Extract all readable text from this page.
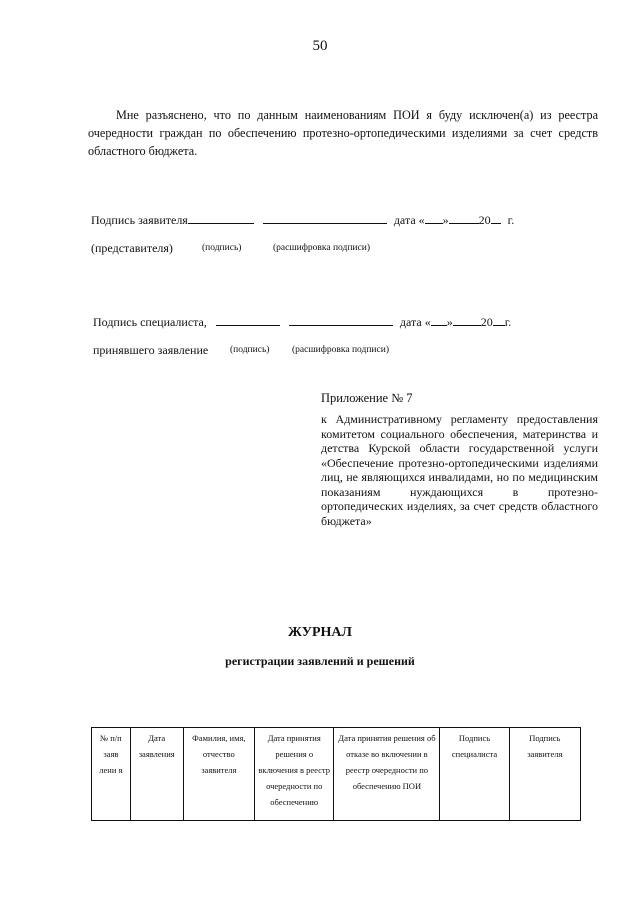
50
Мне разъяснено, что по данным наименованиям ПОИ я буду исключен(а) из реестра очередности граждан по обеспечению протезно-ортопедическими изделиями за счет средств областного бюджета.
Подпись заявителя	дата « »	20 г.
(представителя)	(подпись)	(расшифровка подписи)
Подпись специалиста,	дата « » 20 г.
принявшего заявление (подпись) (расшифровка подписи)
Приложение № 7
к Административному регламенту предоставления комитетом социального обеспечения, материнства и детства Курской области государственной услуги «Обеспечение протезно-ортопедическими изделиями лиц, не являющихся инвалидами, но по медицинским показаниям нуждающихся в протезно-ортопедических изделиях, за счет средств областного бюджета»
ЖУРНАЛ
регистрации заявлений и решений
№ п/п заяв лени я	Дата заявления	Фамилия, имя, отчество заявителя	Дата принятия решения о включения в реестр очередности по обеспечению	Дата принятия решения об отказе во включении в реестр очередности по обеспечению ПОИ	Подпись специалиста	Подпись заявителя
